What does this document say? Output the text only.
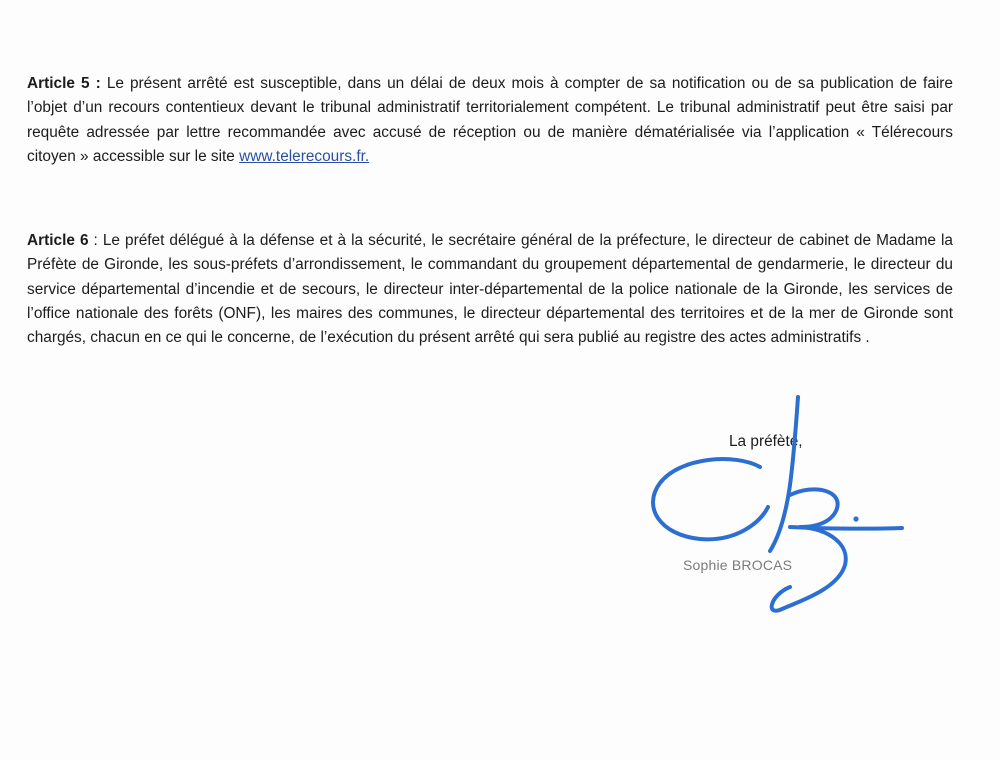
Article 5 : Le présent arrêté est susceptible, dans un délai de deux mois à compter de sa notification ou de sa publication de faire l’objet d’un recours contentieux devant le tribunal administratif territorialement compétent. Le tribunal administratif peut être saisi par requête adressée par lettre recommandée avec accusé de réception ou de manière dématérialisée via l’application « Télérecours citoyen » accessible sur le site www.telerecours.fr.

Article 6 : Le préfet délégué à la défense et à la sécurité, le secrétaire général de la préfecture, le directeur de cabinet de Madame la Préfète de Gironde, les sous-préfets d’arrondissement, le commandant du groupement départemental de gendarmerie, le directeur du service départemental d’incendie et de secours, le directeur inter-départemental de la police nationale de la Gironde, les services de l’office nationale des forêts (ONF), les maires des communes, le directeur départemental des territoires et de la mer de Gironde sont chargés, chacun en ce qui le concerne, de l’exécution du présent arrêté qui sera publié au registre des actes administratifs .

La préfète,
Sophie BROCAS
